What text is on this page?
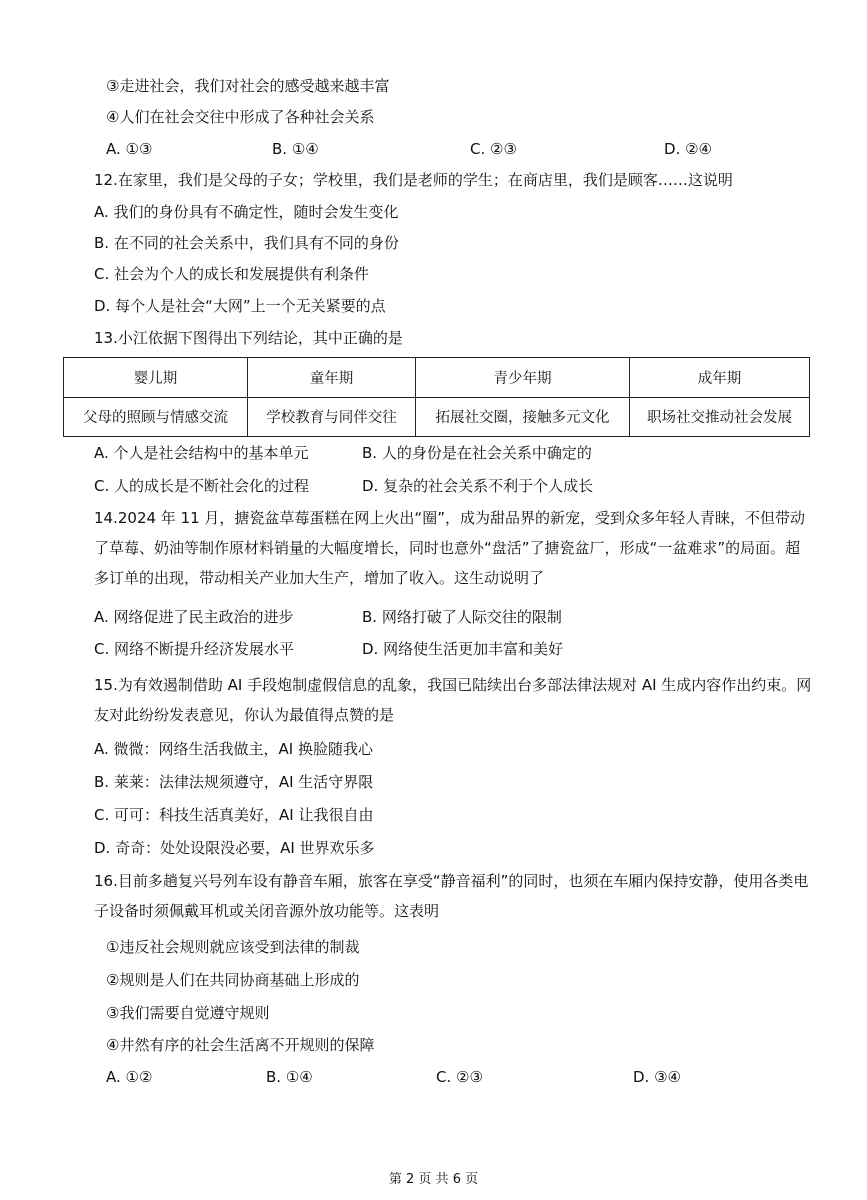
③走进社会，我们对社会的感受越来越丰富
④人们在社会交往中形成了各种社会关系
A. ①③	B. ①④	C. ②③	D. ②④
12.在家里，我们是父母的子女；学校里，我们是老师的学生；在商店里，我们是顾客……这说明
A. 我们的身份具有不确定性，随时会发生变化
B. 在不同的社会关系中，我们具有不同的身份
C. 社会为个人的成长和发展提供有利条件
D. 每个人是社会“大网”上一个无关紧要的点
13.小江依据下图得出下列结论，其中正确的是
婴儿期	童年期	青少年期	成年期
父母的照顾与情感交流	学校教育与同伴交往	拓展社交圈，接触多元文化	职场社交推动社会发展
A. 个人是社会结构中的基本单元	B. 人的身份是在社会关系中确定的
C. 人的成长是不断社会化的过程	D. 复杂的社会关系不利于个人成长
14.2024 年 11 月，搪瓷盆草莓蛋糕在网上火出“圈”，成为甜品界的新宠，受到众多年轻人青睐，不但带动了草莓、奶油等制作原材料销量的大幅度增长，同时也意外“盘活”了搪瓷盆厂，形成“一盆难求”的局面。超多订单的出现，带动相关产业加大生产，增加了收入。这生动说明了
A. 网络促进了民主政治的进步	B. 网络打破了人际交往的限制
C. 网络不断提升经济发展水平	D. 网络使生活更加丰富和美好
15.为有效遏制借助 AI 手段炮制虚假信息的乱象，我国已陆续出台多部法律法规对 AI 生成内容作出约束。网友对此纷纷发表意见，你认为最值得点赞的是
A. 微微：网络生活我做主，AI 换脸随我心
B. 莱莱：法律法规须遵守，AI 生活守界限
C. 可可：科技生活真美好，AI 让我很自由
D. 奇奇：处处设限没必要，AI 世界欢乐多
16.目前多趟复兴号列车设有静音车厢，旅客在享受“静音福利”的同时，也须在车厢内保持安静，使用各类电子设备时须佩戴耳机或关闭音源外放功能等。这表明
①违反社会规则就应该受到法律的制裁
②规则是人们在共同协商基础上形成的
③我们需要自觉遵守规则
④井然有序的社会生活离不开规则的保障
A. ①②	B. ①④	C. ②③	D. ③④
第 2 页 共 6 页
